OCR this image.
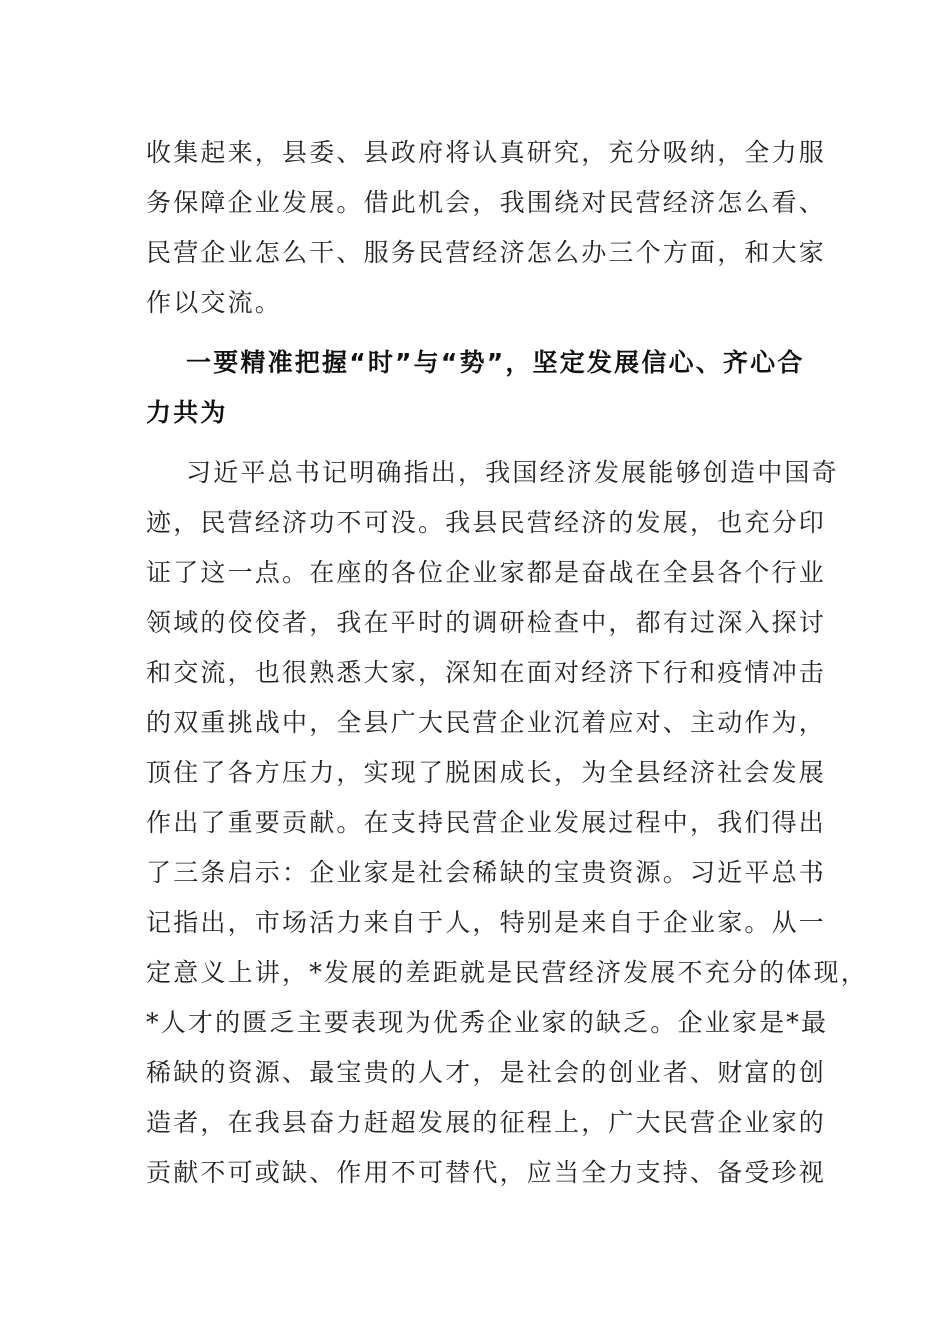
收集起来，县委、县政府将认真研究，充分吸纳，全力服
务保障企业发展。借此机会，我围绕对民营经济怎么看、
民营企业怎么干、服务民营经济怎么办三个方面，和大家
作以交流。
一要精准把握“时”与“势”，坚定发展信心、齐心合
力共为
习近平总书记明确指出，我国经济发展能够创造中国奇
迹，民营经济功不可没。我县民营经济的发展，也充分印
证了这一点。在座的各位企业家都是奋战在全县各个行业
领域的佼佼者，我在平时的调研检查中，都有过深入探讨
和交流，也很熟悉大家，深知在面对经济下行和疫情冲击
的双重挑战中，全县广大民营企业沉着应对、主动作为，
顶住了各方压力，实现了脱困成长，为全县经济社会发展
作出了重要贡献。在支持民营企业发展过程中，我们得出
了三条启示：企业家是社会稀缺的宝贵资源。习近平总书
记指出，市场活力来自于人，特别是来自于企业家。从一
定意义上讲，*发展的差距就是民营经济发展不充分的体现，
*人才的匮乏主要表现为优秀企业家的缺乏。企业家是*最
稀缺的资源、最宝贵的人才，是社会的创业者、财富的创
造者，在我县奋力赶超发展的征程上，广大民营企业家的
贡献不可或缺、作用不可替代，应当全力支持、备受珍视
